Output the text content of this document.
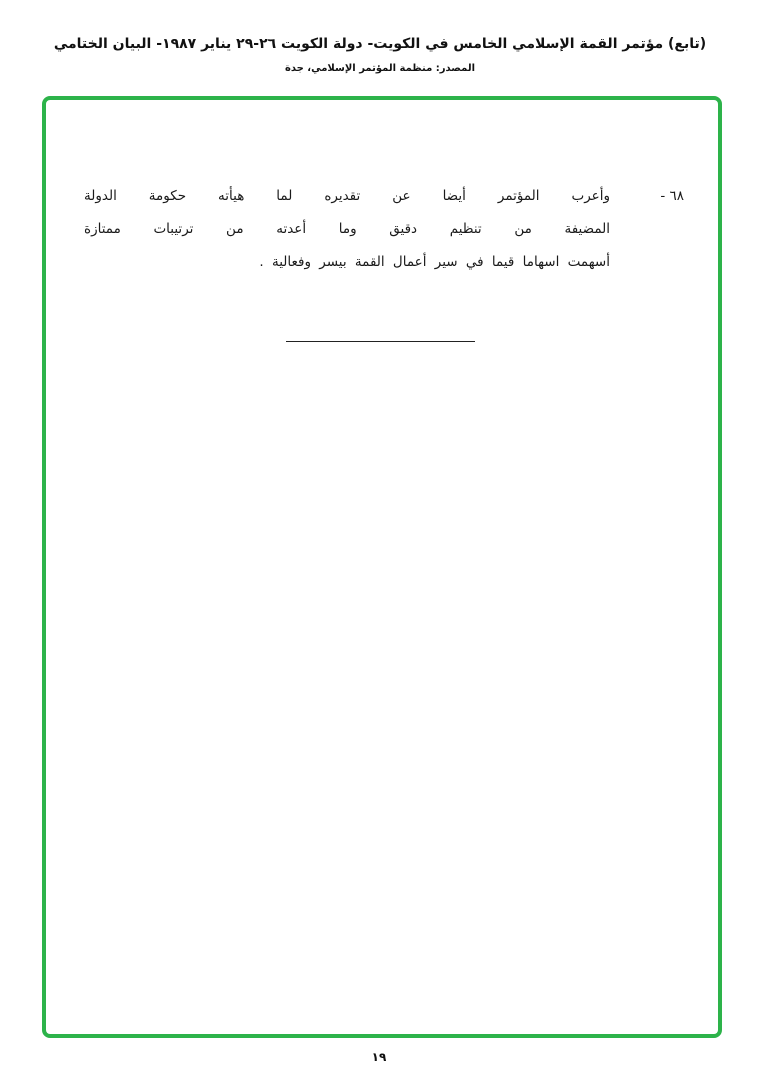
(تابع) مؤتمر القمة الإسلامي الخامس في الكويت- دولة الكويت ٢٦-٢٩ يناير ١٩٨٧- البيان الختامي
المصدر: منظمة المؤتمر الإسلامي، جدة
٦٨ -
وأعرب المؤتمر أيضا عن تقديره لما هيأته حكومة الدولة
المضيفة من تنظيم دقيق وما أعدته من ترتيبات ممتازة
أسهمت اسهاما قيما في سير أعمال القمة بيسر وفعالية .
١٩
